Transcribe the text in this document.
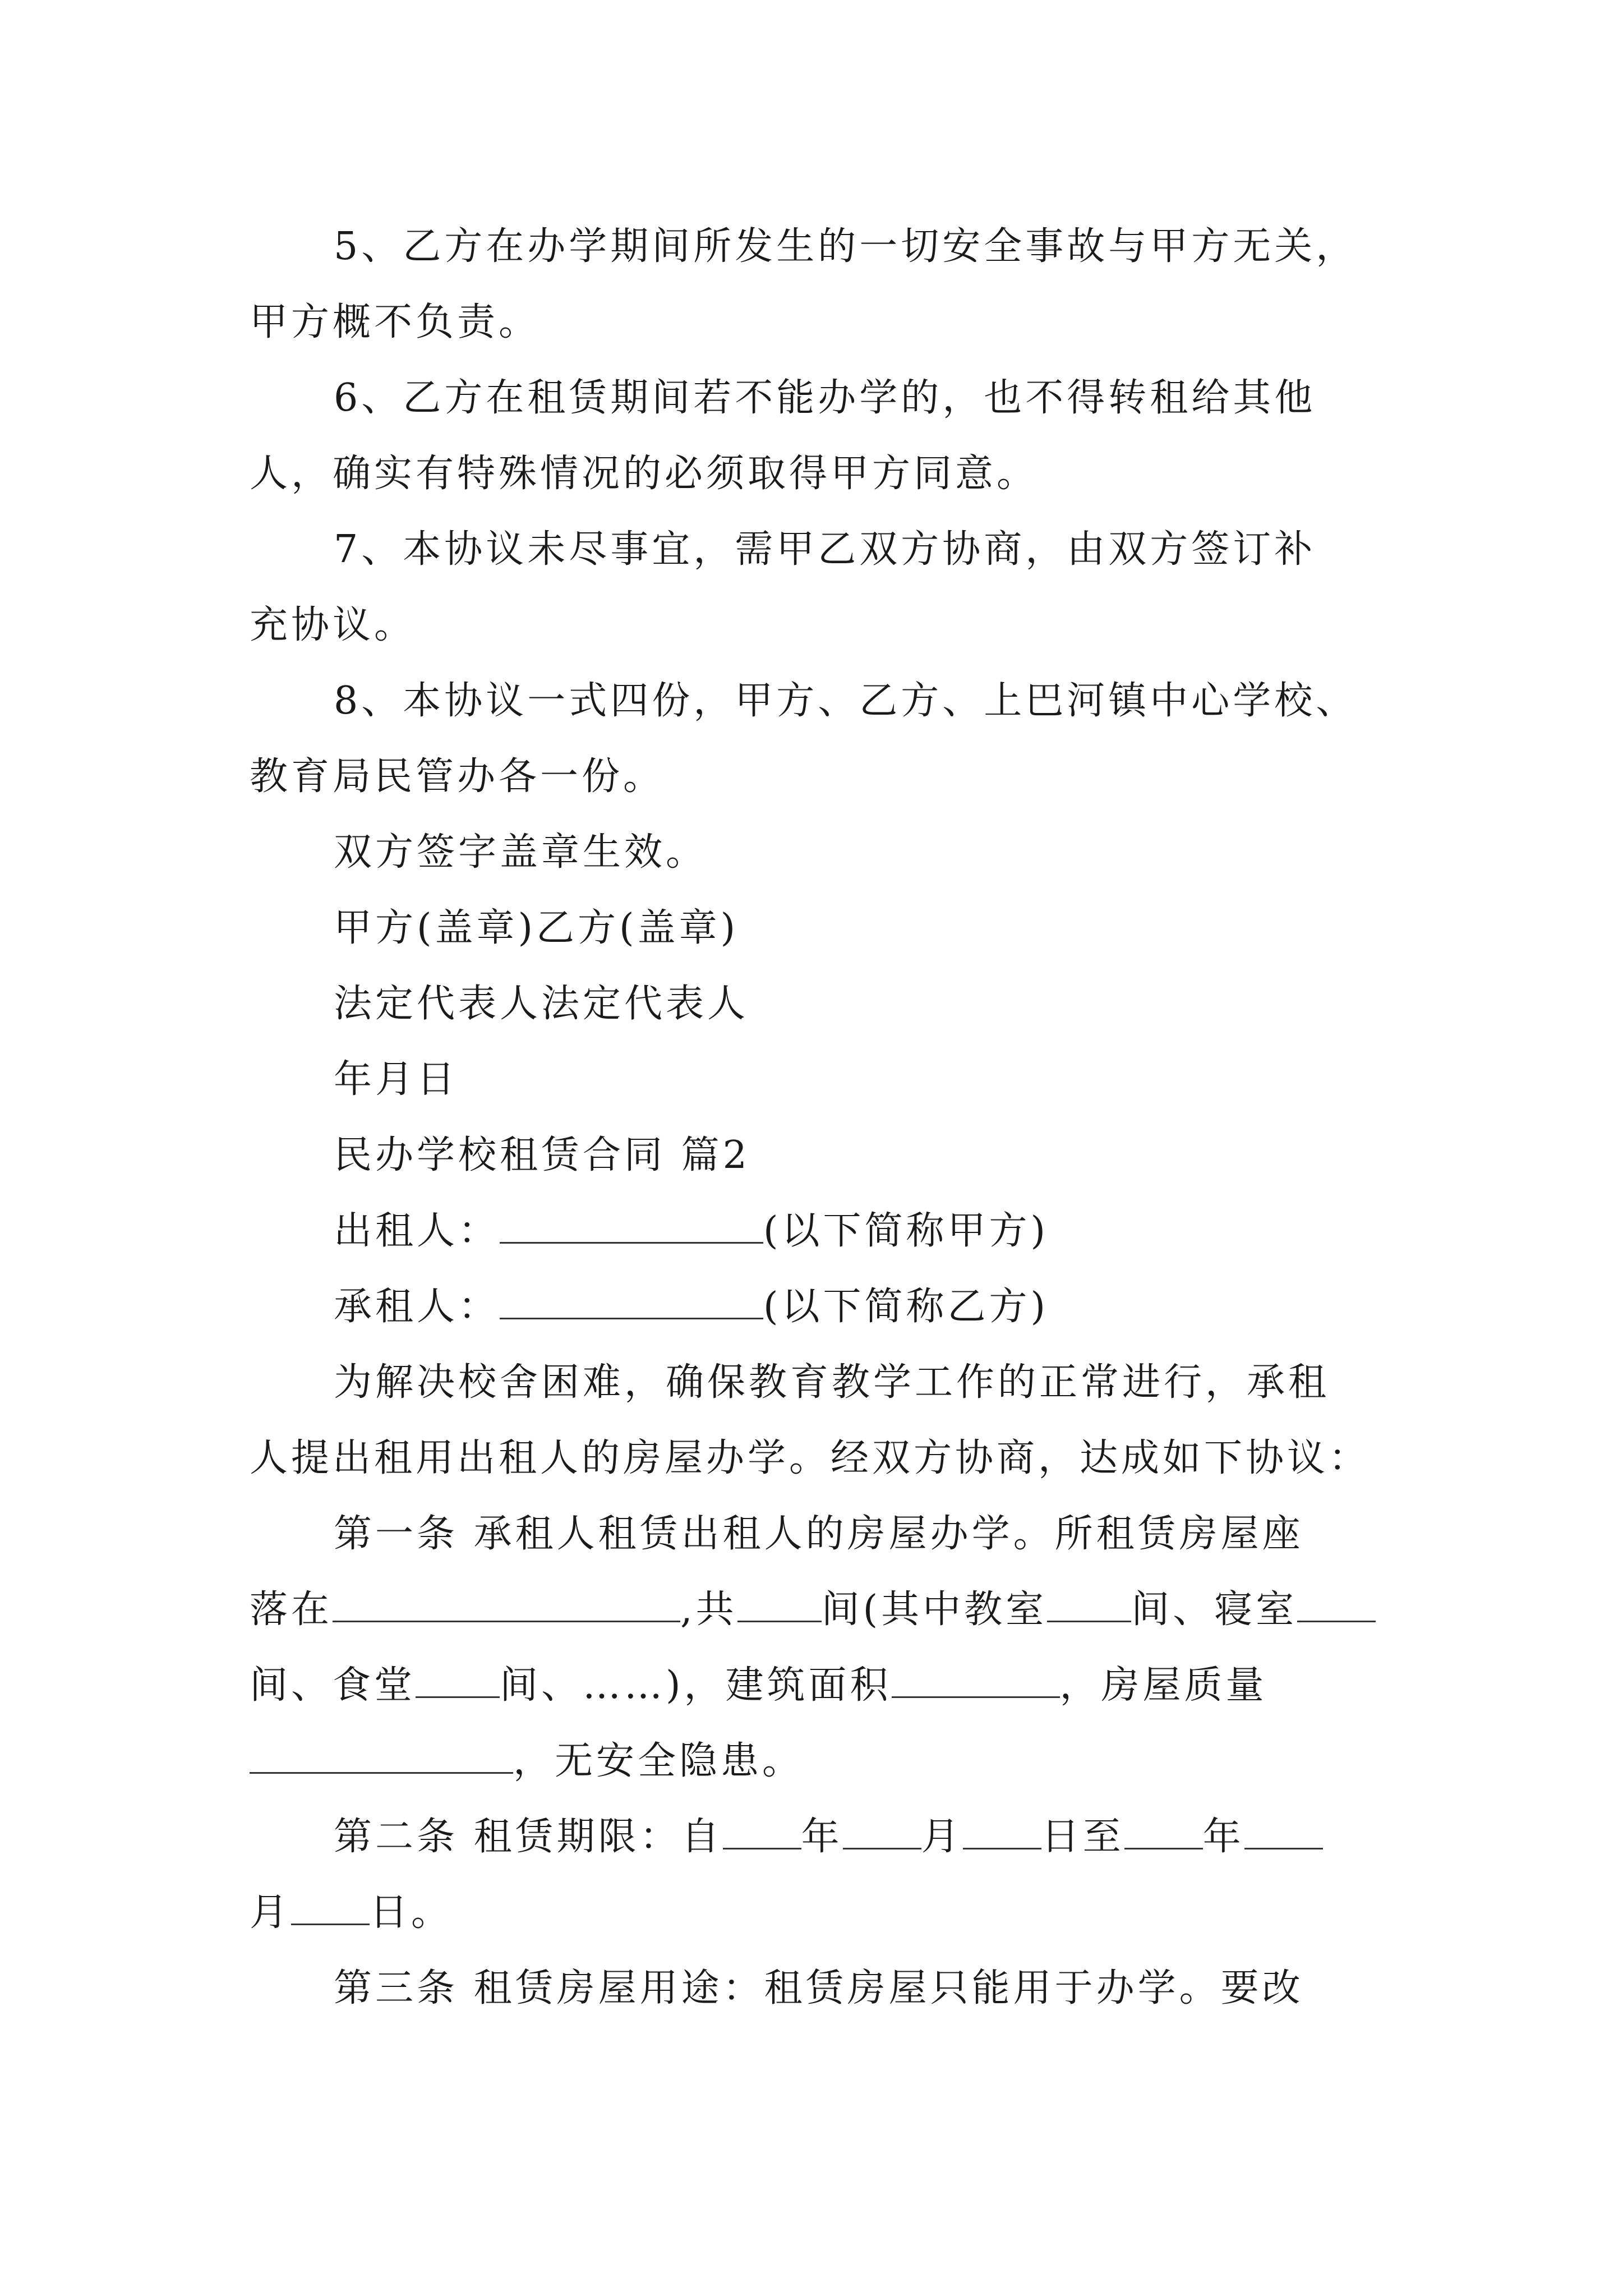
5、乙方在办学期间所发生的一切安全事故与甲方无关，
甲方概不负责。
6、乙方在租赁期间若不能办学的，也不得转租给其他
人，确实有特殊情况的必须取得甲方同意。
7、本协议未尽事宜，需甲乙双方协商，由双方签订补
充协议。
8、本协议一式四份，甲方、乙方、上巴河镇中心学校、
教育局民管办各一份。
双方签字盖章生效。
甲方(盖章)乙方(盖章)
法定代表人法定代表人
年月日
民办学校租赁合同 篇2
出租人：	(以下简称甲方)
承租人：	(以下简称乙方)
为解决校舍困难，确保教育教学工作的正常进行，承租
人提出租用出租人的房屋办学。经双方协商，达成如下协议：
第一条 承租人租赁出租人的房屋办学。所租赁房屋座
落在	,共 间(其中教室 间、寝室
间、食堂 间、……)，建筑面积	，房屋质量
，无安全隐患。
第二条 租赁期限：自 年 月 日至 年
月 日。
第三条 租赁房屋用途：租赁房屋只能用于办学。要改
